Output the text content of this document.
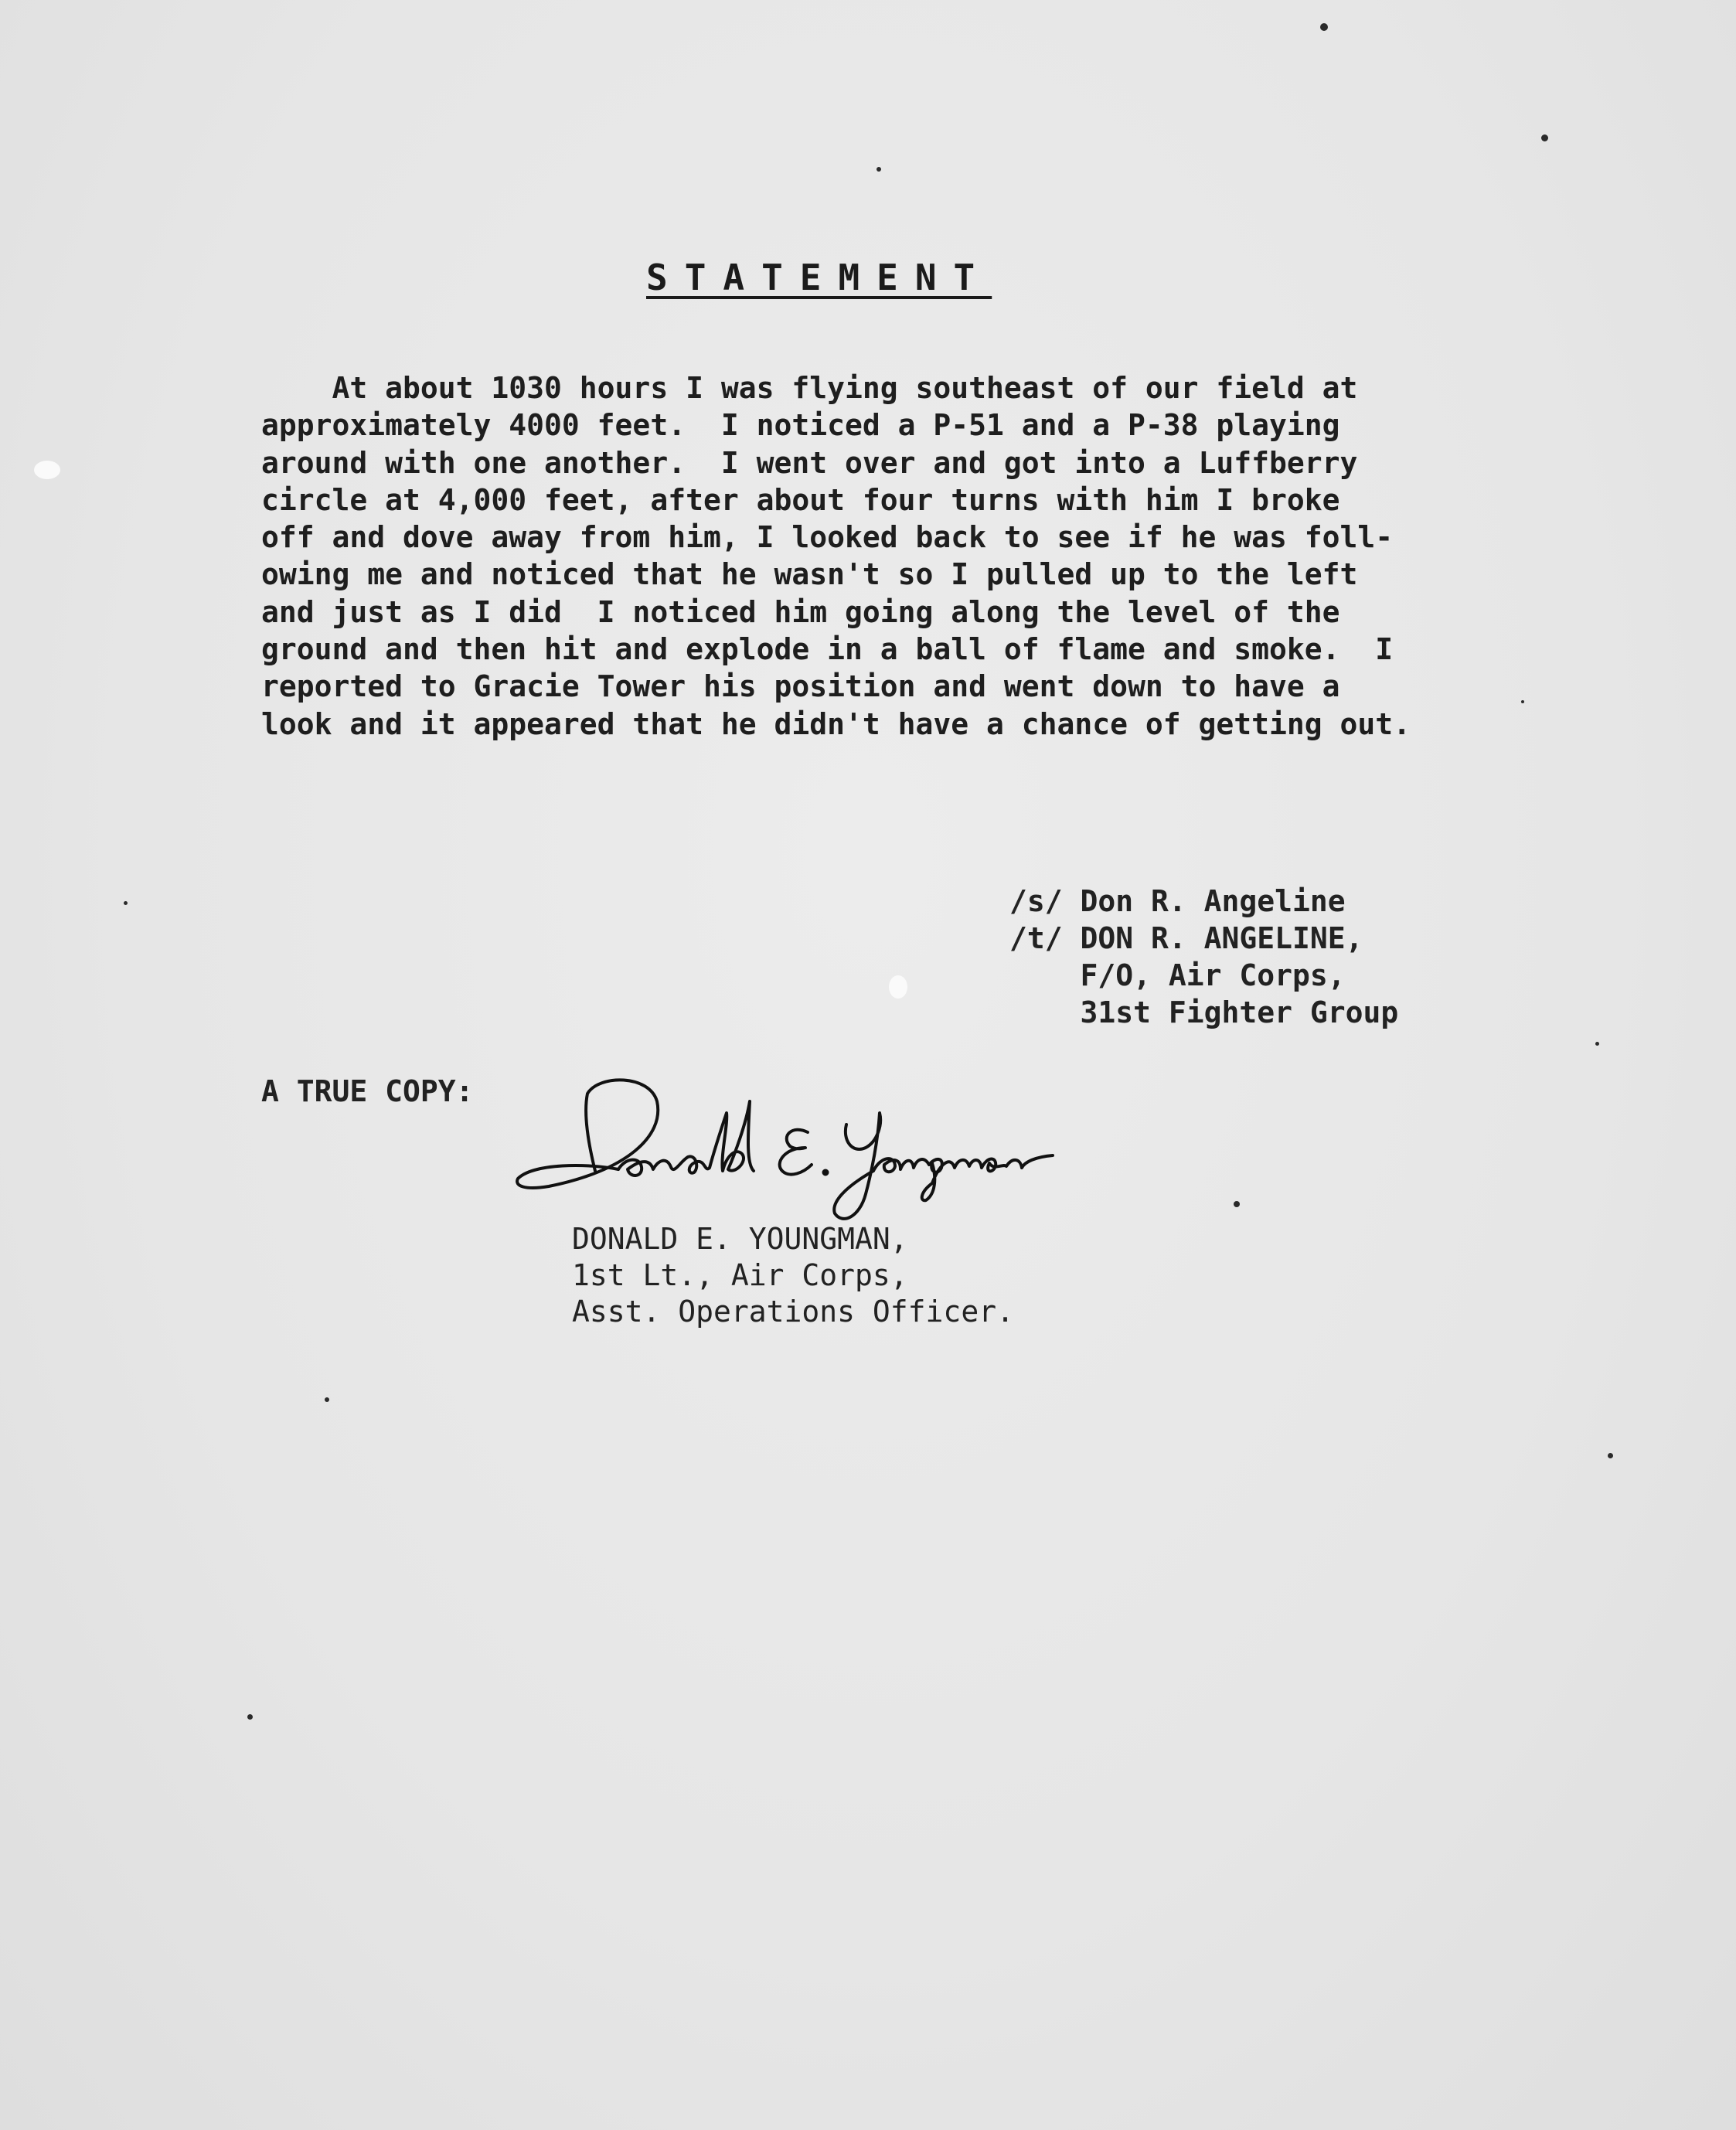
STATEMENT
At about 1030 hours I was flying southeast of our field at
approximately 4000 feet.  I noticed a P-51 and a P-38 playing
around with one another.  I went over and got into a Luffberry
circle at 4,000 feet, after about four turns with him I broke
off and dove away from him, I looked back to see if he was foll-
owing me and noticed that he wasn't so I pulled up to the left
and just as I did  I noticed him going along the level of the
ground and then hit and explode in a ball of flame and smoke.  I
reported to Gracie Tower his position and went down to have a
look and it appeared that he didn't have a chance of getting out.
/s/ Don R. Angeline
/t/ DON R. ANGELINE,
F/O, Air Corps,
31st Fighter Group
A TRUE COPY:
DONALD E. YOUNGMAN,
1st Lt., Air Corps,
Asst. Operations Officer.
